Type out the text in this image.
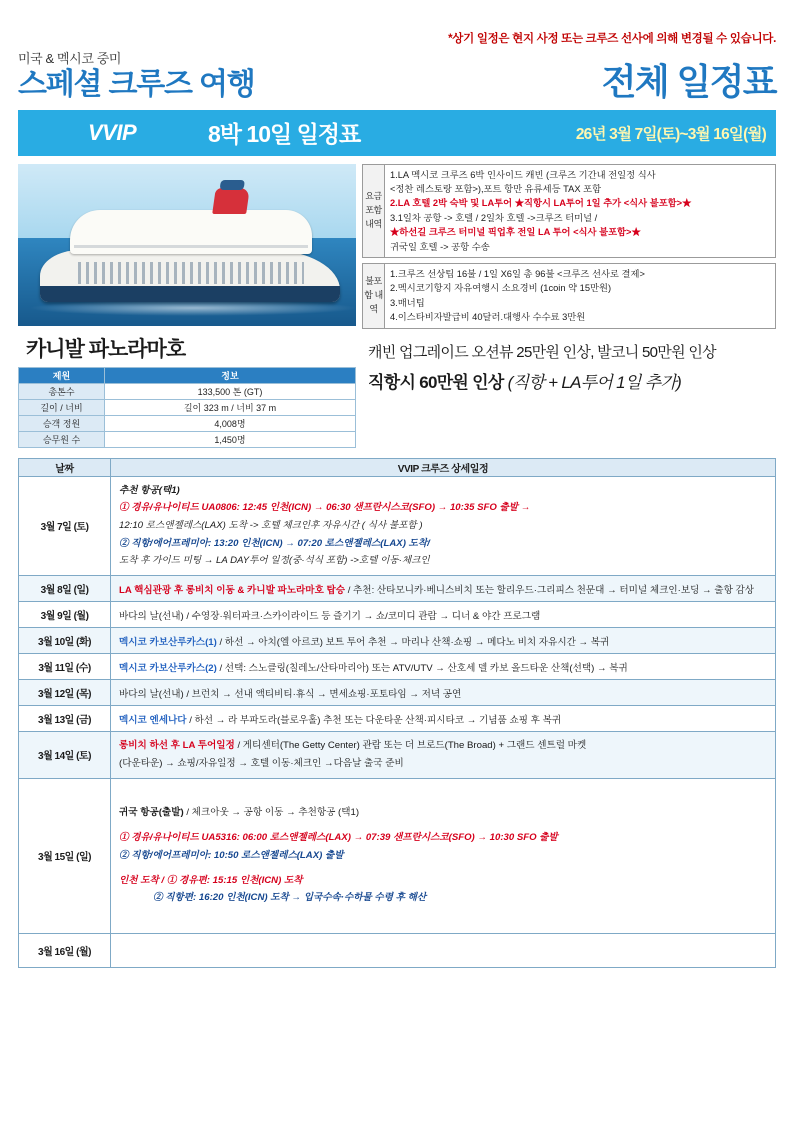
*상기 일정은 현지 사정 또는 크루즈 선사에 의해 변경될 수 있습니다.
미국 & 멕시코 중미
스페셜 크루즈 여행	전체 일정표
VVIP	8박 10일 일정표	26년 3월 7일(토)~3월 16일(월)
카니발 파노라마호
제원	정보
총톤수	133,500 톤 (GT)
길이 / 너비	길이 323 m / 너비 37 m
승객 정원	4,008명
승무원 수	1,450명
요금 포함 내역	
1.LA 멕시코 크루즈 6박 인사이드 캐빈 (크루즈 기간내 전일정 식사
<정찬 레스토랑 포함>),포트 항만 유류세등 TAX 포함
2.LA 호텔 2박 숙박 및 LA투어 ★직항시 LA투어 1일 추가 <식사 불포함>★
3.1일차 공항 -> 호텔 / 2일차 호텔 ->크루즈 터미널 /
★하선길 크루즈 터미널 픽업후 전일 LA 투어 <식사 불포함>★
귀국일 호텔 -> 공항 수송
불포함 내역	
1.크루즈 선상팁 16불 / 1일 X6일 총 96불 <크루즈 선사로 결제>
2.멕시코기항지 자유여행시 소요경비 (1coin 약 15만원)
3.매너팁
4.이스타비자발급비 40달러.대행사 수수료 3만원
캐빈 업그레이드 오션뷰 25만원 인상, 발코니 50만원 인상
직항시 60만원 인상 (직항 + LA투어 1일 추가)
날짜	VVIP 크루즈 상세일정
3월 7일 (토)	추천 항공(택1)
① 경유/유나이티드 UA0806: 12:45 인천(ICN) → 06:30 샌프란시스코(SFO) → 10:35 SFO 출발 →
12:10 로스앤젤레스(LAX) 도착 -> 호텔 체크인후 자유시간 ( 식사 불포함 )
② 직항/에어프레미아: 13:20 인천(ICN) → 07:20 로스앤젤레스(LAX) 도착/
도착 후 가이드 미팅 → LA DAY투어 일정(중·석식 포함) ->호텔 이동·체크인

3월 8일 (일)	LA 핵심관광 후 롱비치 이동 & 카니발 파노라마호 탑승 / 추천: 산타모니카·베니스비치 또는 할리우드·그리피스 천문대 → 터미널 체크인·보딩 → 출항 감상
3월 9일 (월)	바다의 날(선내) / 수영장·워터파크·스카이라이드 등 즐기기 → 쇼/코미디 관람 → 디너 & 야간 프로그램
3월 10일 (화)	멕시코 카보산루카스(1) / 하선 → 아치(엘 아르코) 보트 투어 추천 → 마리나 산책·쇼핑 → 메다노 비치 자유시간 → 복귀
3월 11일 (수)	멕시코 카보산루카스(2) / 선택: 스노클링(칠레노/산타마리아) 또는 ATV/UTV → 산호세 델 카보 올드타운 산책(선택) → 복귀
3월 12일 (목)	바다의 날(선내) / 브런치 → 선내 액티비티·휴식 → 면세쇼핑·포토타임 → 저녁 공연
3월 13일 (금)	멕시코 엔세나다 / 하선 → 라 부파도라(블로우홀) 추천 또는 다운타운 산책·피시타코 → 기념품 쇼핑 후 복귀
3월 14일 (토)	롱비치 하선 후 LA 투어일정 / 게티센터(The Getty Center) 관람 또는 더 브로드(The Broad) + 그랜드 센트럴 마켓
(다운타운) → 쇼핑/자유일정 → 호텔 이동·체크인 →다음날 출국 준비

3월 15일 (일)	귀국 항공(출발) / 체크아웃 → 공항 이동 → 추천항공 (택1)
① 경유/유나이티드 UA5316: 06:00 로스앤젤레스(LAX) → 07:39 샌프란시스코(SFO) → 10:30 SFO 출발
② 직항/에어프레미아: 10:50 로스앤젤레스(LAX) 출발
인천 도착 / ① 경유편: 15:15 인천(ICN) 도착
② 직항편: 16:20 인천(ICN) 도착 → 입국수속·수하물 수령 후 해산

3월 16일 (월)	
